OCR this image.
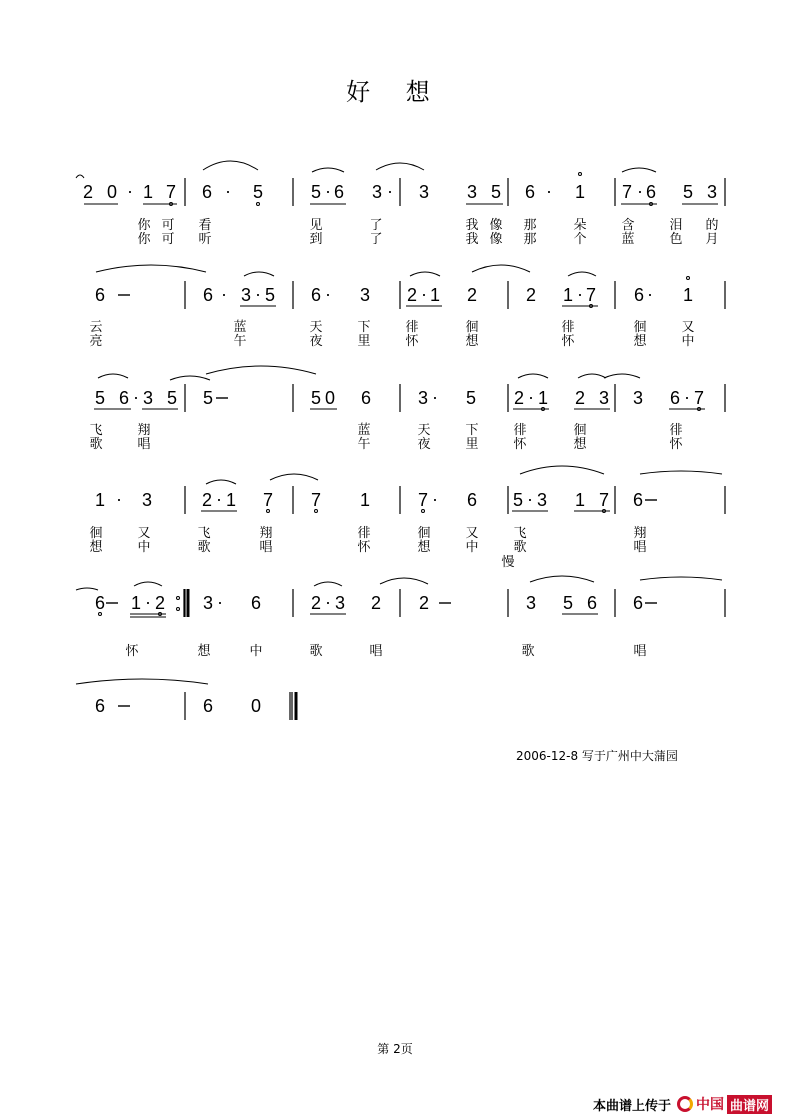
好 想
2 0 1 7 6 5	5 6 3 3 3 5 6 1 7 6 5 3
6	6 3 5 6 3 2 1 2	2 1 7 6 1
5 6 3 5 5	5 0 6	3 5 2 1 2 3 3 6 7
1 3	2 1 7 7 1	7 6 5 3 1 7 6
6 1 2 3 6	2 3 2 2	3 5 6 6
6	6 0
·	·	·	·	·	·
· ·	·	·	·	·
·	·	·	·
·	·	·	·
·	·	·
你 可 看	见	了	我 像 那	朵	含	泪 的
你 可 听	到	了	我 像 那	个	蓝	色 月
云	蓝	天	下	徘	徊	徘	徊	又
亮	午	夜	里	怀	想	怀	想	中
飞	翔	蓝	天	下	徘	徊	徘
歌	唱	午	夜	里	怀	想	怀
徊	又	飞	翔	徘	徊	又	飞	翔
想	中	歌	唱	怀	想	中	歌	唱
怀	想	中	歌	唱	歌	唱
慢
2006-12-8 写于广州中大蒲园
第 2页
本曲谱上传于 中国 曲谱网
